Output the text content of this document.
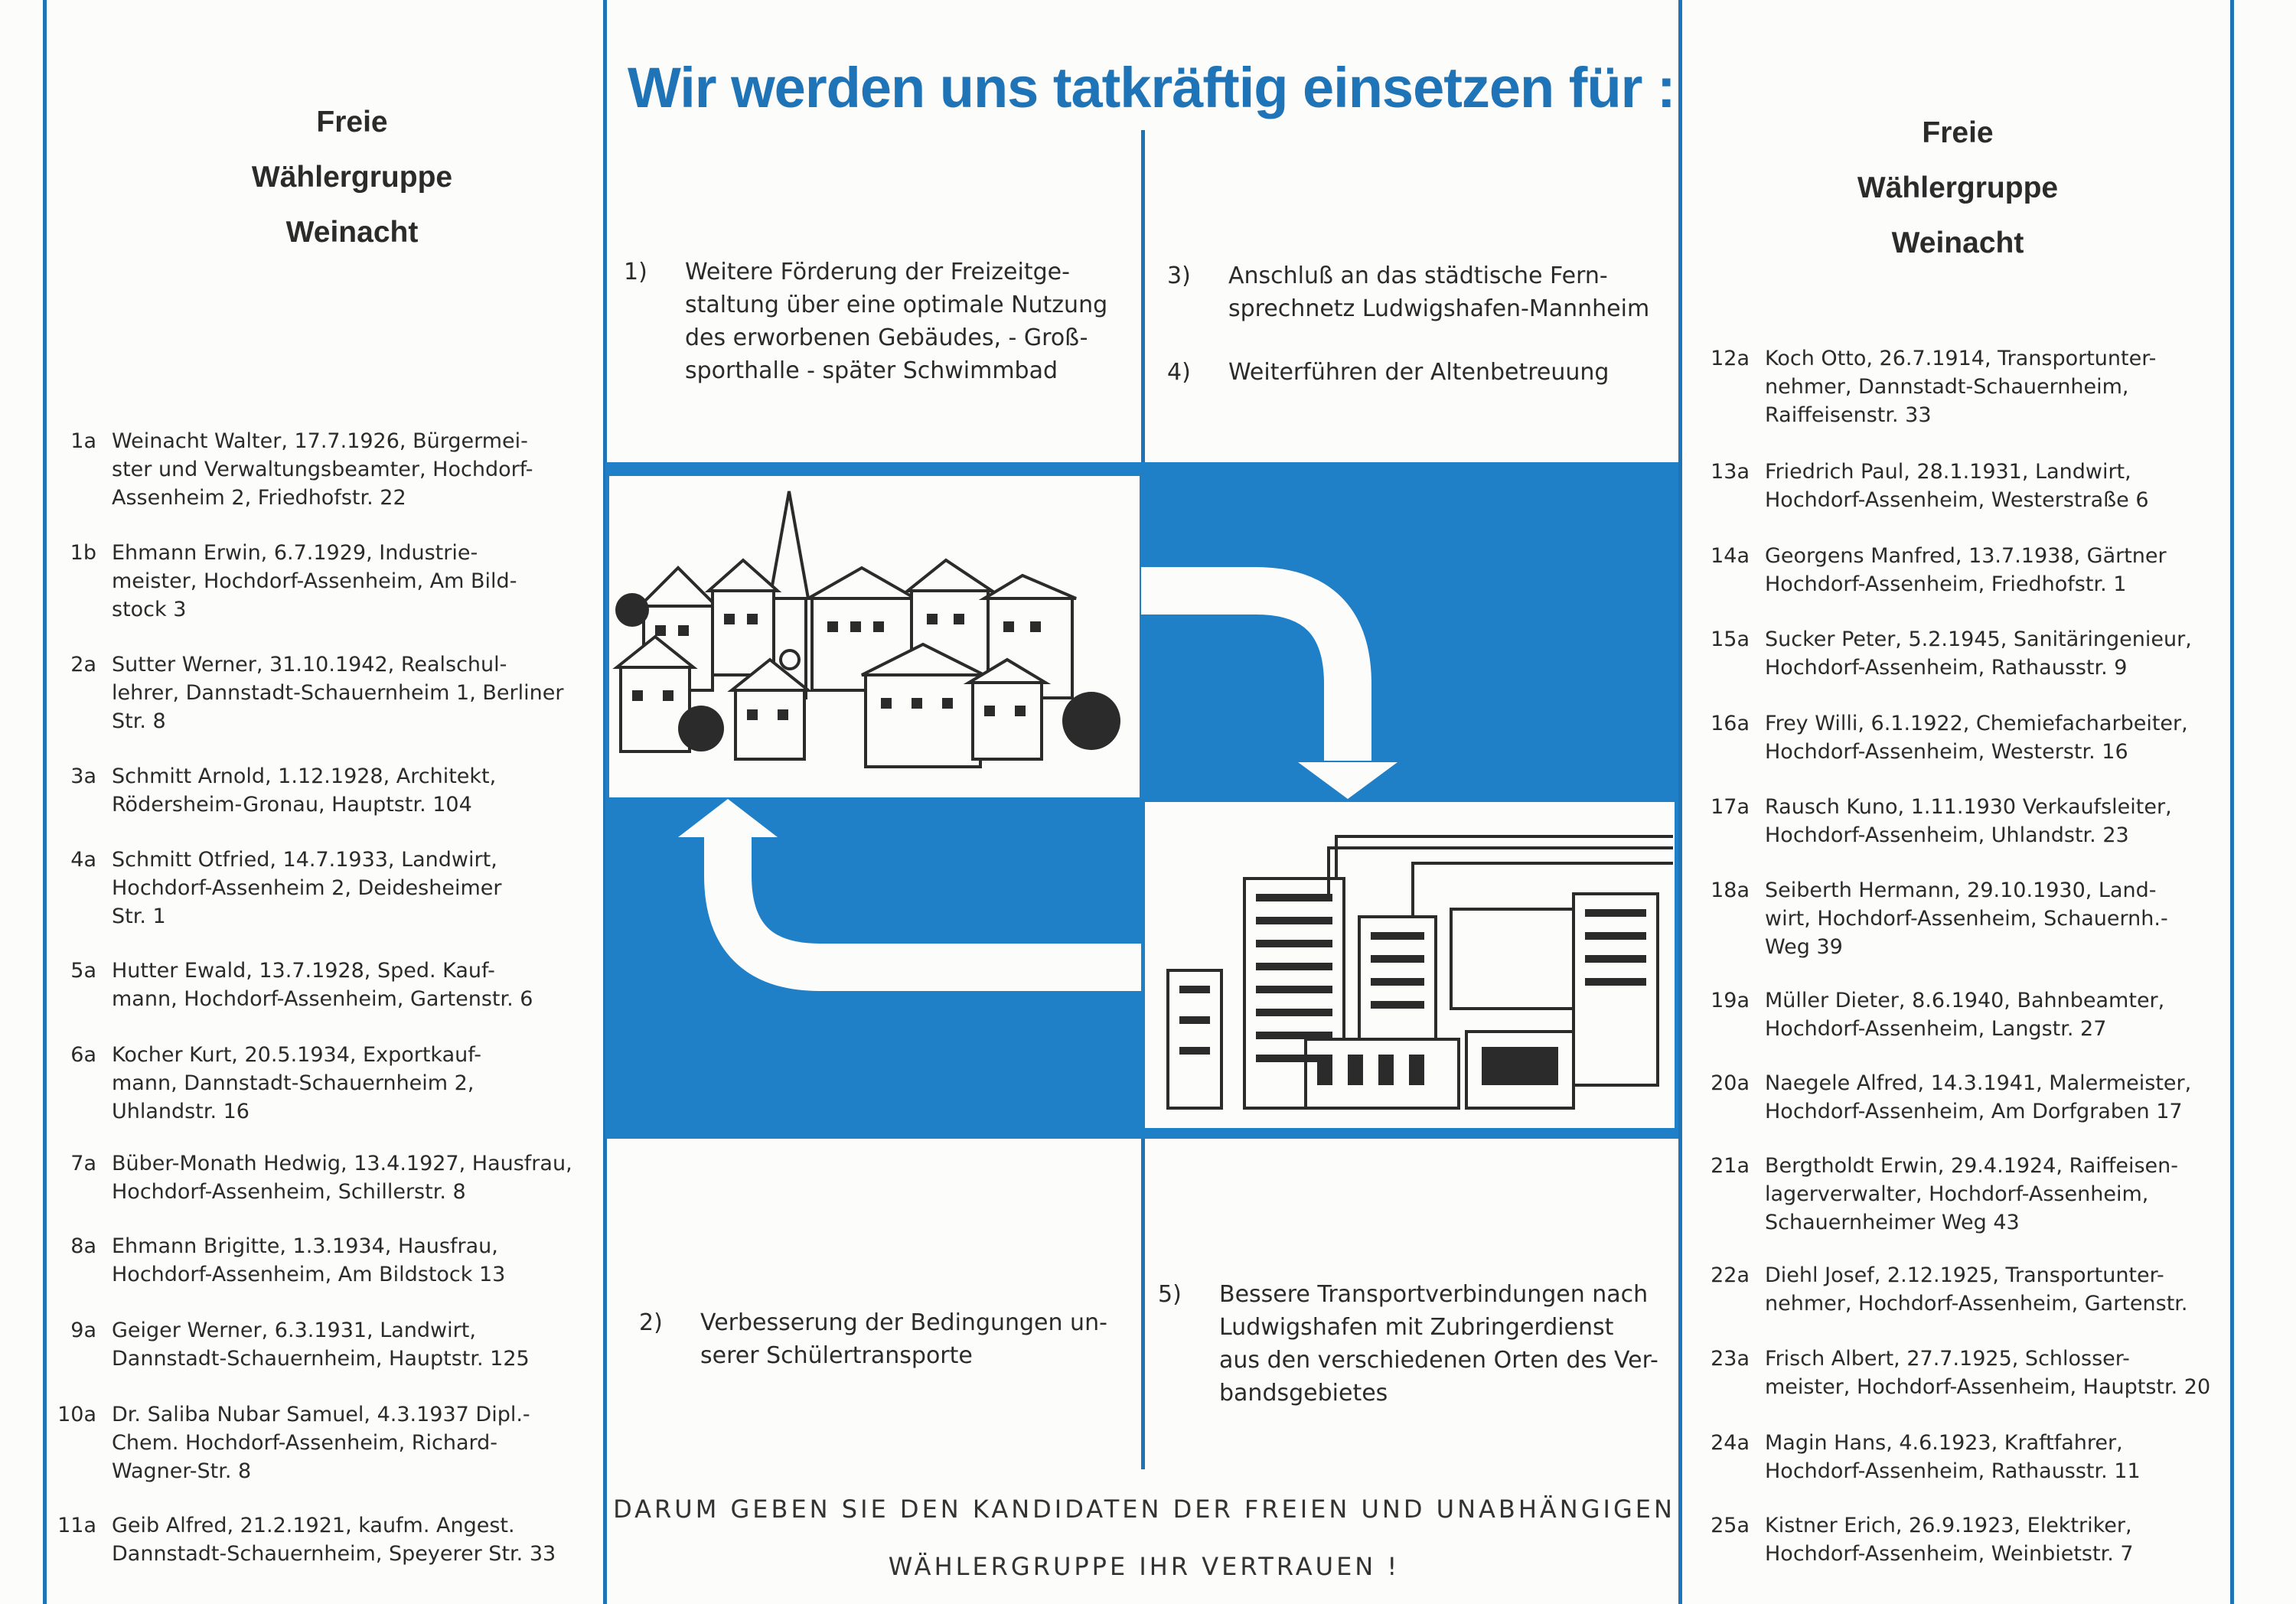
Wir werden uns tatkräftig einsetzen für :
Freie
Wählergruppe
Weinacht
Freie
Wählergruppe
Weinacht
1a Weinacht Walter, 17.7.1926, Bürgermei-
ster und Verwaltungsbeamter, Hochdorf-
Assenheim 2, Friedhofstr. 22
1b Ehmann Erwin, 6.7.1929, Industrie-
meister, Hochdorf-Assenheim, Am Bild-
stock 3
2a Sutter Werner, 31.10.1942, Realschul-
lehrer, Dannstadt-Schauernheim 1, Berliner
Str. 8
3a Schmitt Arnold, 1.12.1928, Architekt,
Rödersheim-Gronau, Hauptstr. 104
4a Schmitt Otfried, 14.7.1933, Landwirt,
Hochdorf-Assenheim 2, Deidesheimer
Str. 1
5a Hutter Ewald, 13.7.1928, Sped. Kauf-
mann, Hochdorf-Assenheim, Gartenstr. 6
6a Kocher Kurt, 20.5.1934, Exportkauf-
mann, Dannstadt-Schauernheim 2,
Uhlandstr. 16
7a Büber-Monath Hedwig, 13.4.1927, Hausfrau,
Hochdorf-Assenheim, Schillerstr. 8
8a Ehmann Brigitte, 1.3.1934, Hausfrau,
Hochdorf-Assenheim, Am Bildstock 13
9a Geiger Werner, 6.3.1931, Landwirt,
Dannstadt-Schauernheim, Hauptstr. 125
10a Dr. Saliba Nubar Samuel, 4.3.1937 Dipl.-
Chem. Hochdorf-Assenheim, Richard-
Wagner-Str. 8
11a Geib Alfred, 21.2.1921, kaufm. Angest.
Dannstadt-Schauernheim, Speyerer Str. 33
12a Koch Otto, 26.7.1914, Transportunter-
nehmer, Dannstadt-Schauernheim,
Raiffeisenstr. 33
13a Friedrich Paul, 28.1.1931, Landwirt,
Hochdorf-Assenheim, Westerstraße 6
14a Georgens Manfred, 13.7.1938, Gärtner
Hochdorf-Assenheim, Friedhofstr. 1
15a Sucker Peter, 5.2.1945, Sanitäringenieur,
Hochdorf-Assenheim, Rathausstr. 9
16a Frey Willi, 6.1.1922, Chemiefacharbeiter,
Hochdorf-Assenheim, Westerstr. 16
17a Rausch Kuno, 1.11.1930 Verkaufsleiter,
Hochdorf-Assenheim, Uhlandstr. 23
18a Seiberth Hermann, 29.10.1930, Land-
wirt, Hochdorf-Assenheim, Schauernh.-
Weg 39
19a Müller Dieter, 8.6.1940, Bahnbeamter,
Hochdorf-Assenheim, Langstr. 27
20a Naegele Alfred, 14.3.1941, Malermeister,
Hochdorf-Assenheim, Am Dorfgraben 17
21a Bergtholdt Erwin, 29.4.1924, Raiffeisen-
lagerverwalter, Hochdorf-Assenheim,
Schauernheimer Weg 43
22a Diehl Josef, 2.12.1925, Transportunter-
nehmer, Hochdorf-Assenheim, Gartenstr.
23a Frisch Albert, 27.7.1925, Schlosser-
meister, Hochdorf-Assenheim, Hauptstr. 20
24a Magin Hans, 4.6.1923, Kraftfahrer,
Hochdorf-Assenheim, Rathausstr. 11
25a Kistner Erich, 26.9.1923, Elektriker,
Hochdorf-Assenheim, Weinbietstr. 7
1)	Weitere Förderung der Freizeitge-
staltung über eine optimale Nutzung
des erworbenen Gebäudes, - Groß-
sporthalle - später Schwimmbad
2)	Verbesserung der Bedingungen un-
serer Schülertransporte
3)	Anschluß an das städtische Fern-
sprechnetz Ludwigshafen-Mannheim
4)	Weiterführen der Altenbetreuung
5)	Bessere Transportverbindungen nach
Ludwigshafen mit Zubringerdienst
aus den verschiedenen Orten des Ver-
bandsgebietes
DARUM GEBEN SIE DEN KANDIDATEN DER FREIEN UND UNABHÄNGIGEN
WÄHLERGRUPPE IHR VERTRAUEN !
